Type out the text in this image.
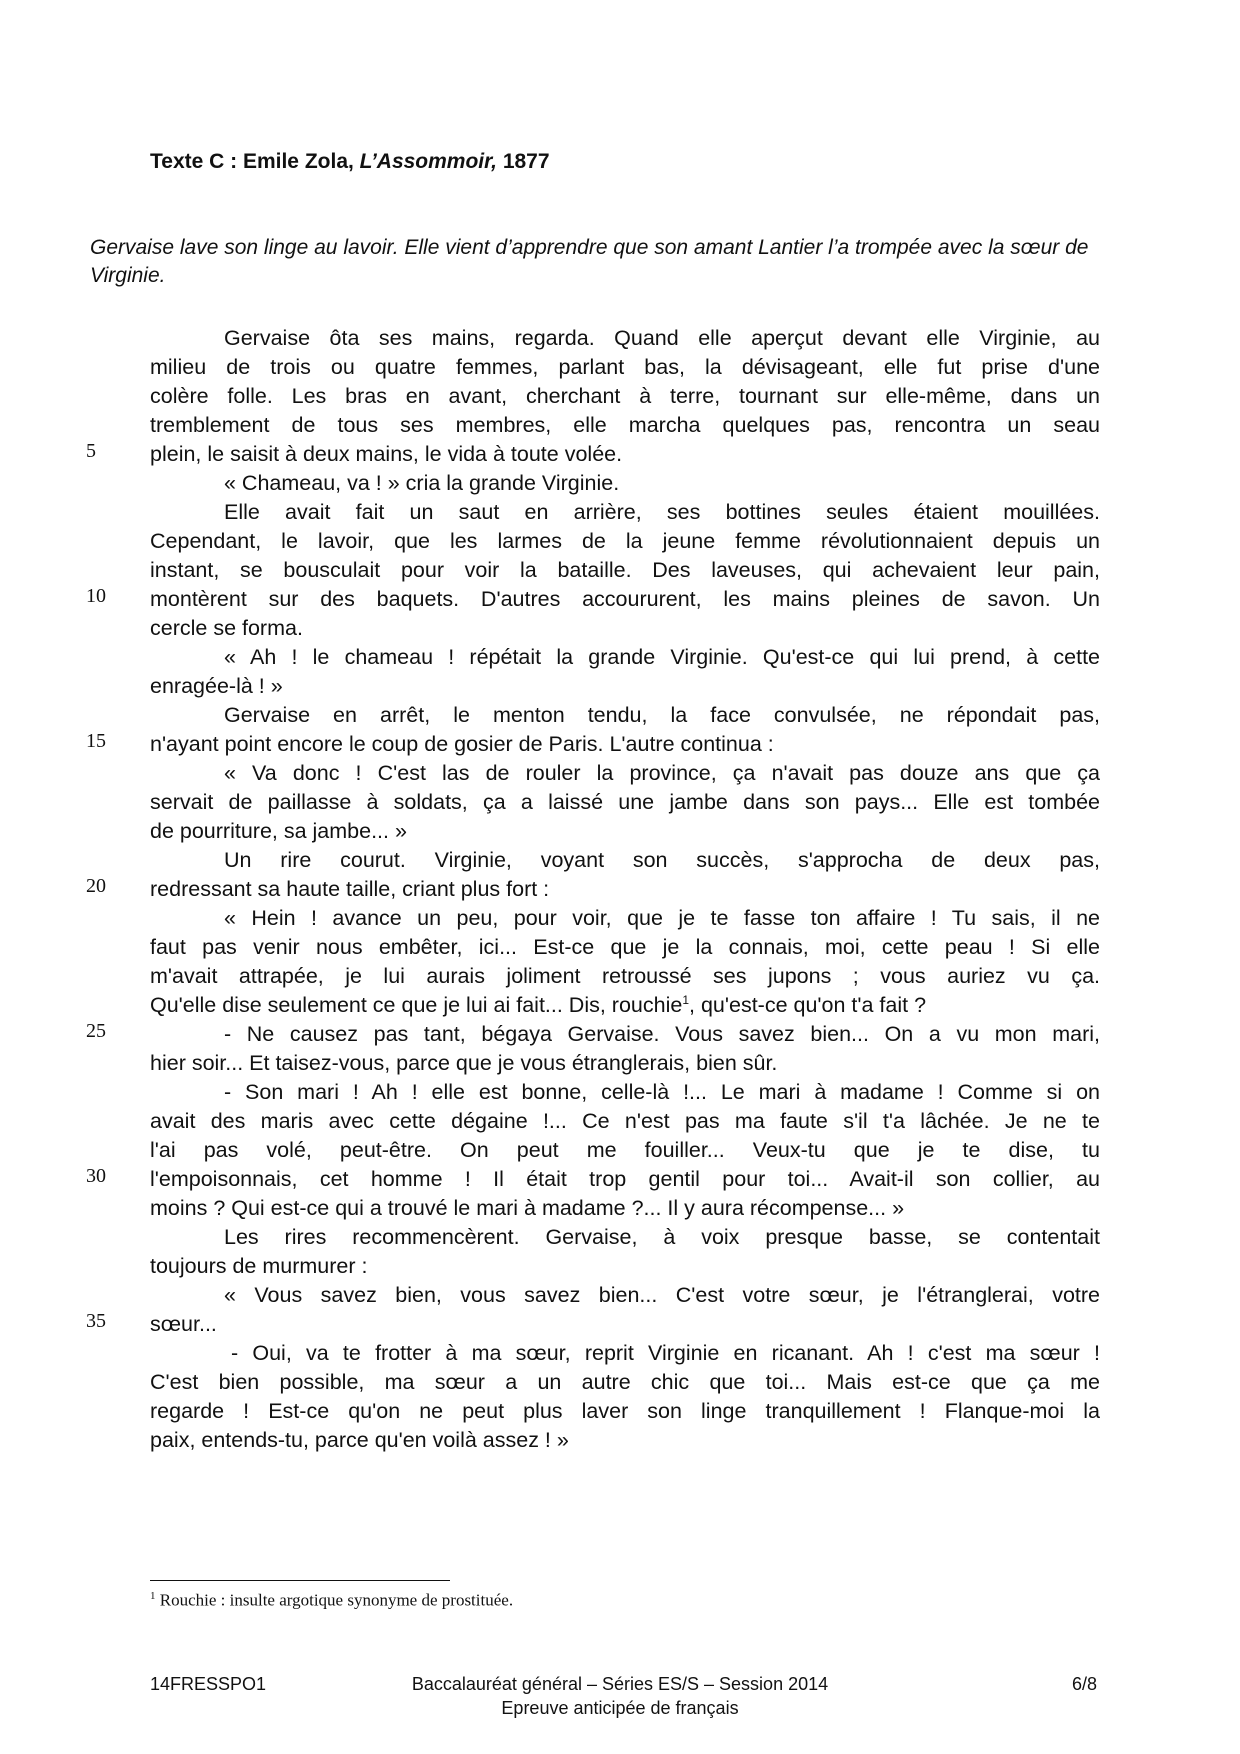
Texte C : Emile Zola, L’Assommoir, 1877
Gervaise lave son linge au lavoir. Elle vient d’apprendre que son amant Lantier l’a trompée avec la sœur de Virginie.
Gervaise ôta ses mains, regarda. Quand elle aperçut devant elle Virginie, au
milieu de trois ou quatre femmes, parlant bas, la dévisageant, elle fut prise d'une
colère folle. Les bras en avant, cherchant à terre, tournant sur elle-même, dans un
tremblement de tous ses membres, elle marcha quelques pas, rencontra un seau
plein, le saisit à deux mains, le vida à toute volée.
« Chameau, va ! » cria la grande Virginie.
Elle avait fait un saut en arrière, ses bottines seules étaient mouillées.
Cependant, le lavoir, que les larmes de la jeune femme révolutionnaient depuis un
instant, se bousculait pour voir la bataille. Des laveuses, qui achevaient leur pain,
montèrent sur des baquets. D'autres accoururent, les mains pleines de savon. Un
cercle se forma.
« Ah ! le chameau ! répétait la grande Virginie. Qu'est-ce qui lui prend, à cette
enragée-là ! »
Gervaise en arrêt, le menton tendu, la face convulsée, ne répondait pas,
n'ayant point encore le coup de gosier de Paris. L'autre continua :
« Va donc ! C'est las de rouler la province, ça n'avait pas douze ans que ça
servait de paillasse à soldats, ça a laissé une jambe dans son pays... Elle est tombée
de pourriture, sa jambe... »
Un rire courut. Virginie, voyant son succès, s'approcha de deux pas,
redressant sa haute taille, criant plus fort :
« Hein ! avance un peu, pour voir, que je te fasse ton affaire ! Tu sais, il ne
faut pas venir nous embêter, ici... Est-ce que je la connais, moi, cette peau ! Si elle
m'avait attrapée, je lui aurais joliment retroussé ses jupons ; vous auriez vu ça.
Qu'elle dise seulement ce que je lui ai fait... Dis, rouchie$^1$, qu'est-ce qu'on t'a fait ?
- Ne causez pas tant, bégaya Gervaise. Vous savez bien... On a vu mon mari,
hier soir... Et taisez-vous, parce que je vous étranglerais, bien sûr.
- Son mari ! Ah ! elle est bonne, celle-là !... Le mari à madame ! Comme si on
avait des maris avec cette dégaine !... Ce n'est pas ma faute s'il t'a lâchée. Je ne te
l'ai pas volé, peut-être. On peut me fouiller... Veux-tu que je te dise, tu
l'empoisonnais, cet homme ! Il était trop gentil pour toi... Avait-il son collier, au
moins ? Qui est-ce qui a trouvé le mari à madame ?... Il y aura récompense... »
Les rires recommencèrent. Gervaise, à voix presque basse, se contentait
toujours de murmurer :
« Vous savez bien, vous savez bien... C'est votre sœur, je l'étranglerai, votre
sœur...
- Oui, va te frotter à ma sœur, reprit Virginie en ricanant. Ah ! c'est ma sœur !
C'est bien possible, ma sœur a un autre chic que toi... Mais est-ce que ça me
regarde ! Est-ce qu'on ne peut plus laver son linge tranquillement ! Flanque-moi la
paix, entends-tu, parce qu'en voilà assez ! »
5
10
15
20
25
30
35
$^1$ Rouchie : insulte argotique synonyme de prostituée.
14FRESSPO1	Baccalauréat général – Séries ES/S – Session 2014
Epreuve anticipée de français
6/8
